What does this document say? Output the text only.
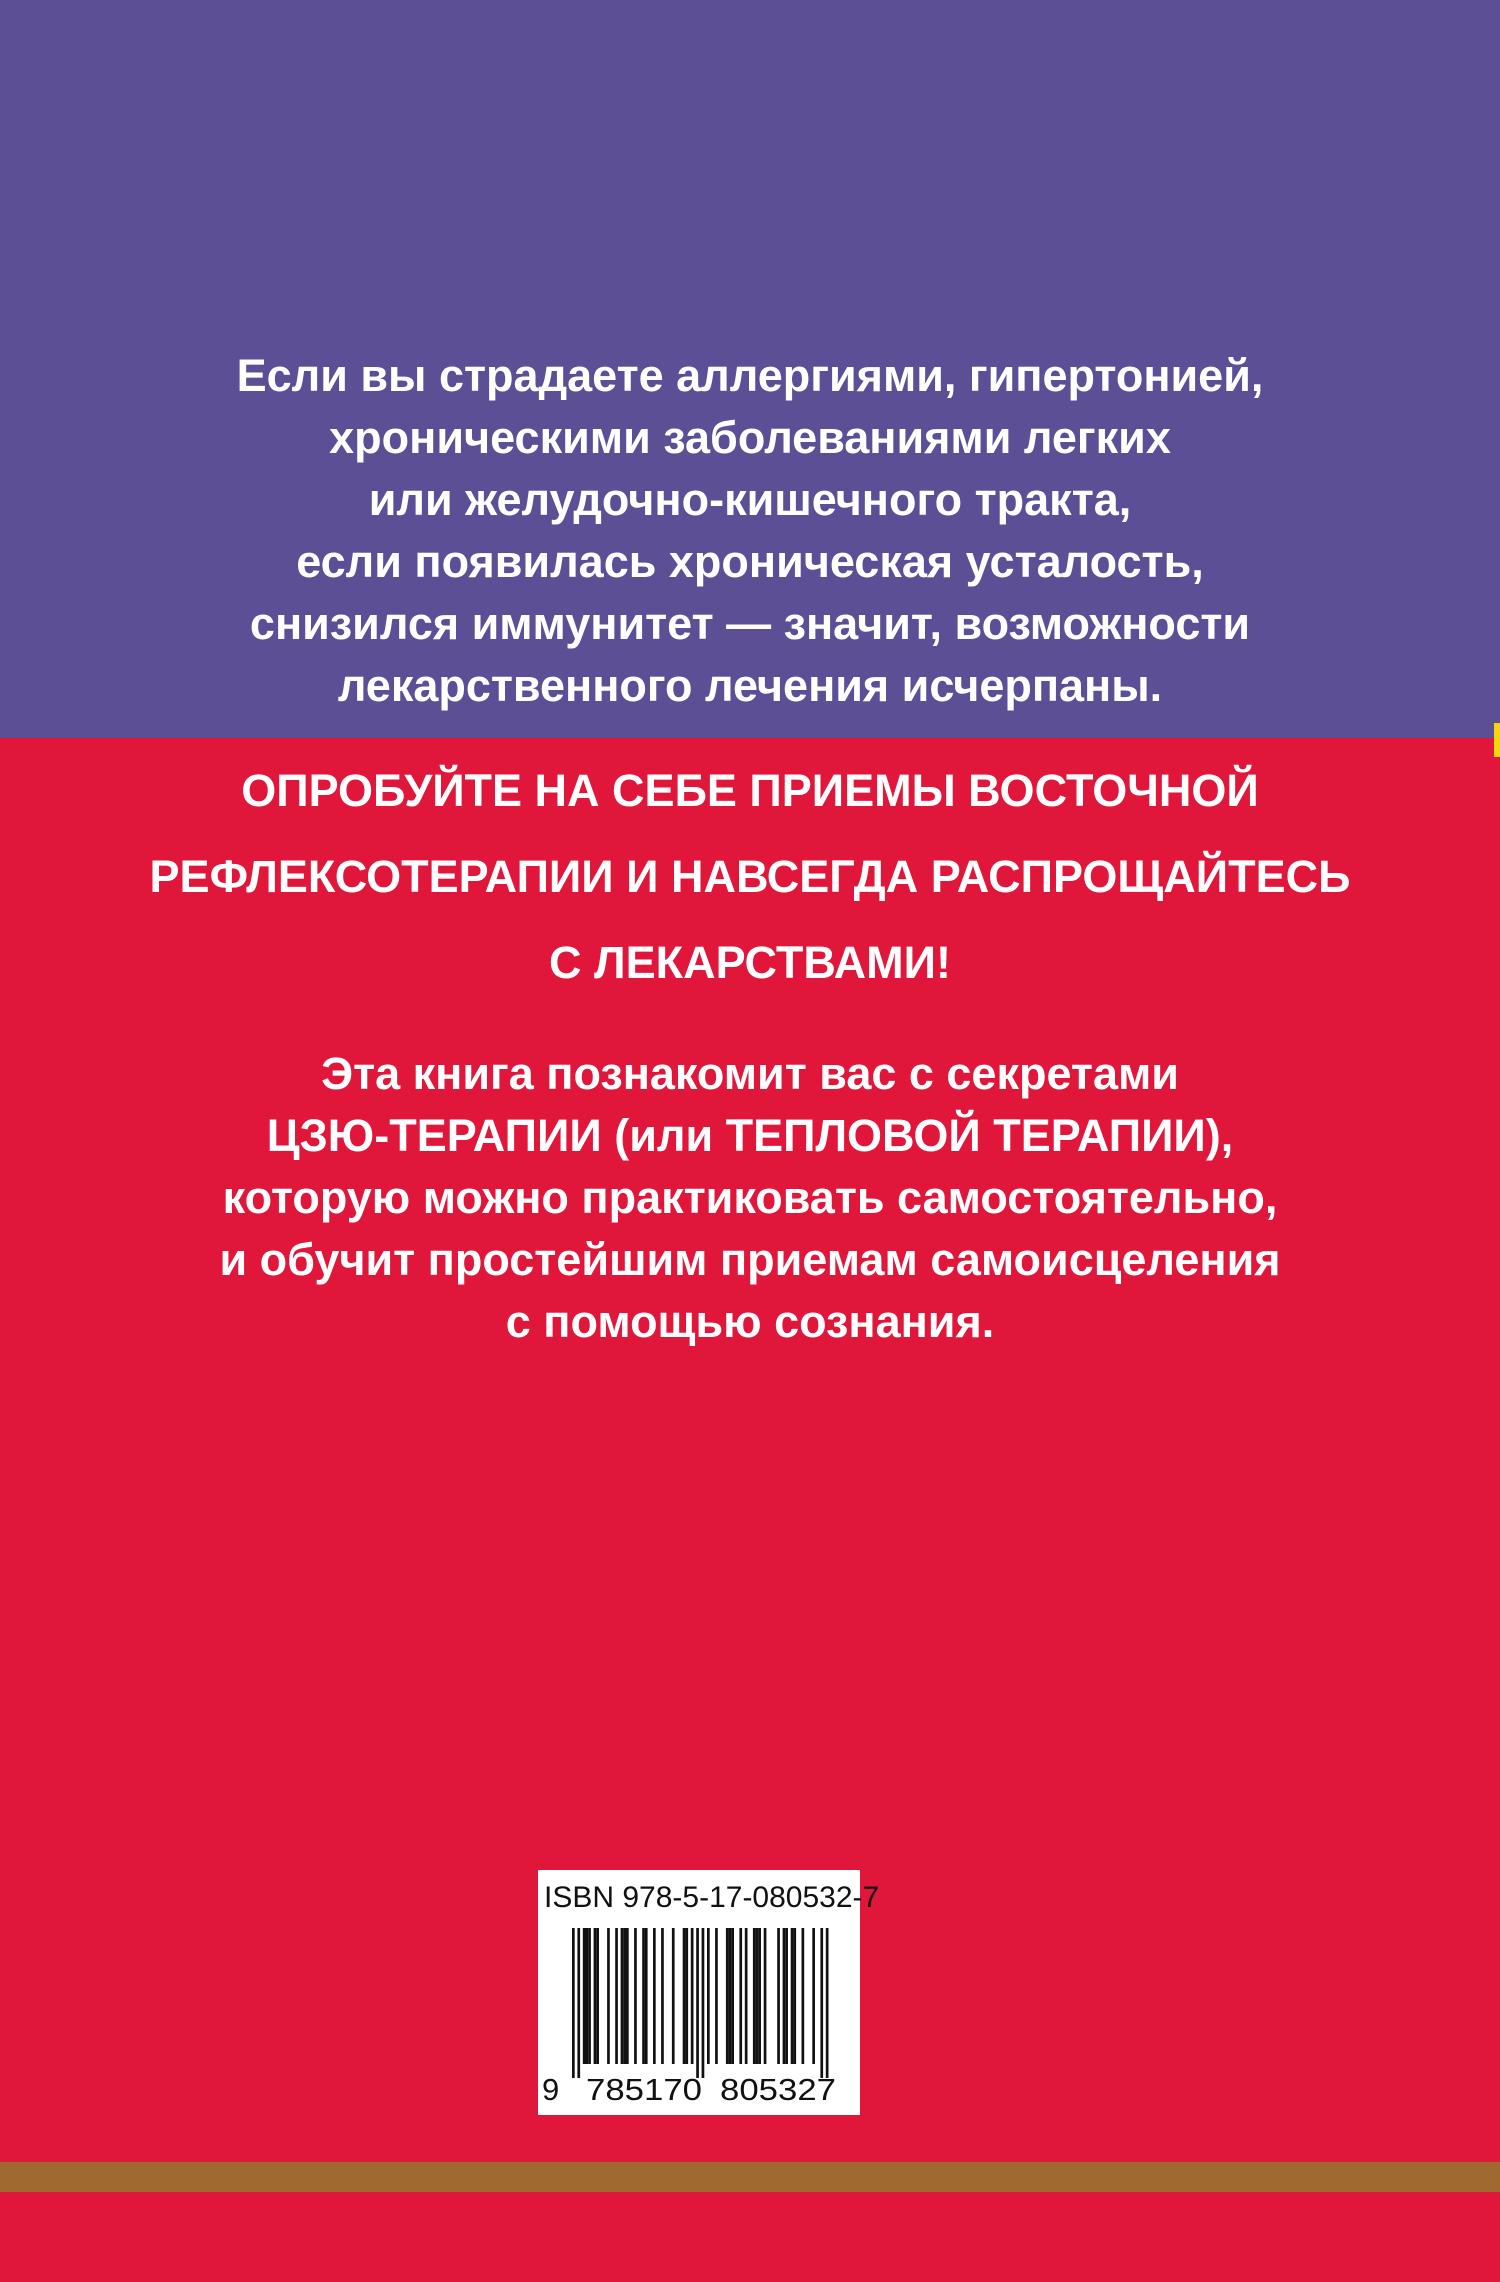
Если вы страдаете аллергиями, гипертонией,
хроническими заболеваниями легких
или желудочно-кишечного тракта,
если появилась хроническая усталость,
снизился иммунитет — значит, возможности
лекарственного лечения исчерпаны.
ОПРОБУЙТЕ НА СЕБЕ ПРИЕМЫ ВОСТОЧНОЙ
РЕФЛЕКСОТЕРАПИИ И НАВСЕГДА РАСПРОЩАЙТЕСЬ
С ЛЕКАРСТВАМИ!
Эта книга познакомит вас с секретами
ЦЗЮ-ТЕРАПИИ (или ТЕПЛОВОЙ ТЕРАПИИ),
которую можно практиковать самостоятельно,
и обучит простейшим приемам самоисцеления
с помощью сознания.
ISBN 978-5-17-080532-7
9 785170 805327
